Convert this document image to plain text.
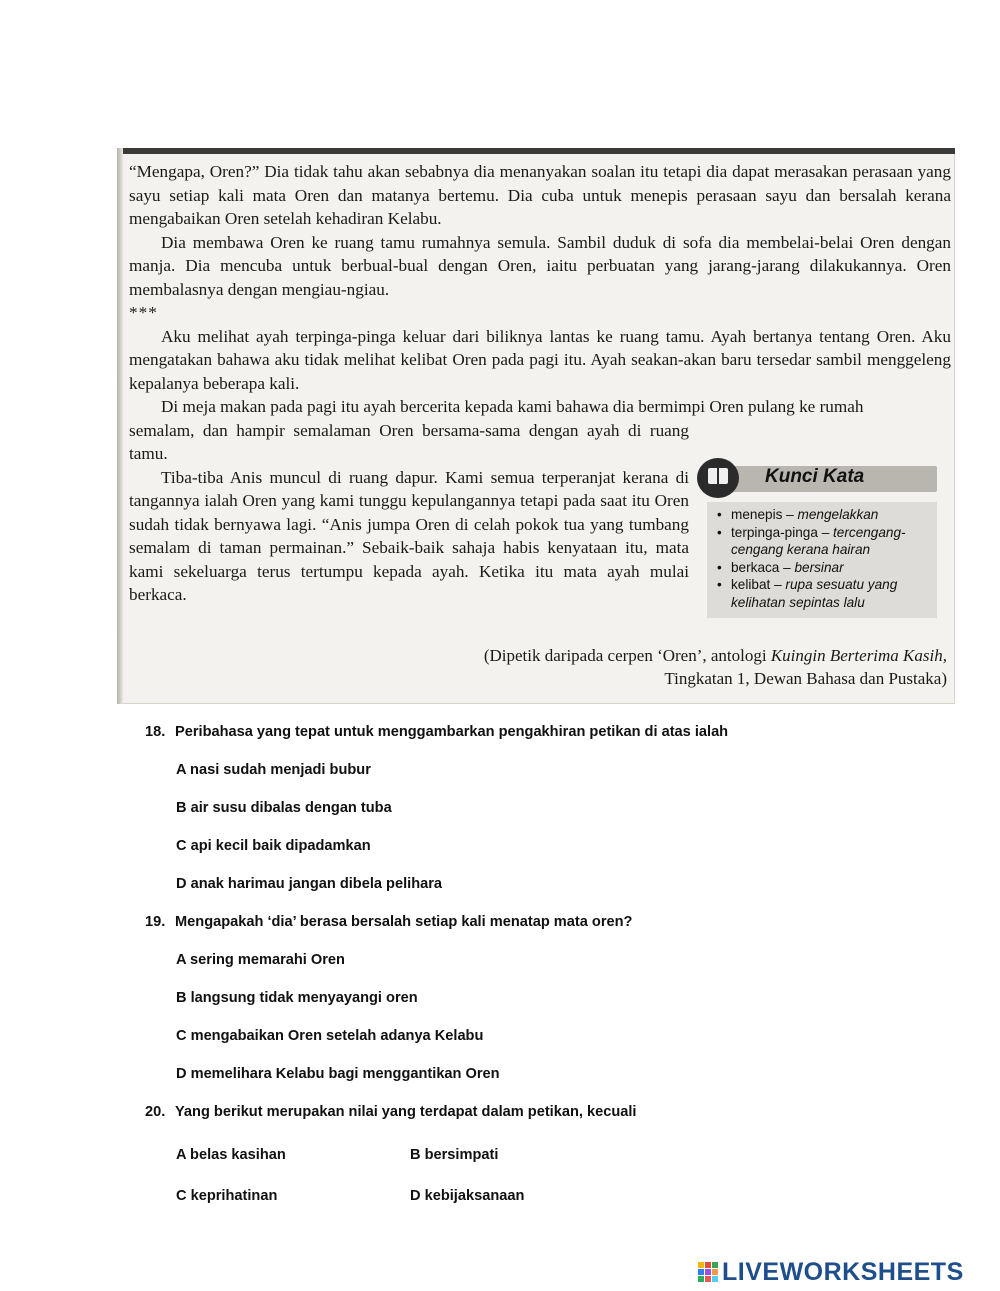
“Mengapa, Oren?” Dia tidak tahu akan sebabnya dia menanyakan soalan itu tetapi dia dapat merasakan perasaan yang sayu setiap kali mata Oren dan matanya bertemu. Dia cuba untuk menepis perasaan sayu dan bersalah kerana mengabaikan Oren setelah kehadiran Kelabu.

Dia membawa Oren ke ruang tamu rumahnya semula. Sambil duduk di sofa dia membelai-belai Oren dengan manja. Dia mencuba untuk berbual-bual dengan Oren, iaitu perbuatan yang jarang-jarang dilakukannya. Oren membalasnya dengan mengiau-ngiau.

***

Aku melihat ayah terpinga-pinga keluar dari biliknya lantas ke ruang tamu. Ayah bertanya tentang Oren. Aku mengatakan bahawa aku tidak melihat kelibat Oren pada pagi itu. Ayah seakan-akan baru tersedar sambil menggeleng kepalanya beberapa kali.

Di meja makan pada pagi itu ayah bercerita kepada kami bahawa dia bermimpi Oren pulang ke rumah

semalam, dan hampir semalaman Oren bersama-sama dengan ayah di ruang tamu.

Tiba-tiba Anis muncul di ruang dapur. Kami semua terperanjat kerana di tangannya ialah Oren yang kami tunggu kepulangannya tetapi pada saat itu Oren sudah tidak bernyawa lagi. “Anis jumpa Oren di celah pokok tua yang tumbang semalam di taman permainan.” Sebaik-baik sahaja habis kenyataan itu, mata kami sekeluarga terus tertumpu kepada ayah. Ketika itu mata ayah mulai berkaca.

Kunci Kata
• menepis – mengelakkan
• terpinga-pinga – tercengang-cengang kerana hairan
• berkaca – bersinar
• kelibat – rupa sesuatu yang kelihatan sepintas lalu
(Dipetik daripada cerpen ‘Oren’, antologi Kuingin Berterima Kasih,
Tingkatan 1, Dewan Bahasa dan Pustaka)
18. Peribahasa yang tepat untuk menggambarkan pengakhiran petikan di atas ialah
A nasi sudah menjadi bubur
B air susu dibalas dengan tuba
C api kecil baik dipadamkan
D anak harimau jangan dibela pelihara
19. Mengapakah ‘dia’ berasa bersalah setiap kali menatap mata oren?
A sering memarahi Oren
B langsung tidak menyayangi oren
C mengabaikan Oren setelah adanya Kelabu
D memelihara Kelabu bagi menggantikan Oren
20. Yang berikut merupakan nilai yang terdapat dalam petikan, kecuali
A belas kasihan	B bersimpati
C keprihatinan	D kebijaksanaan
LIVEWORKSHEETS
